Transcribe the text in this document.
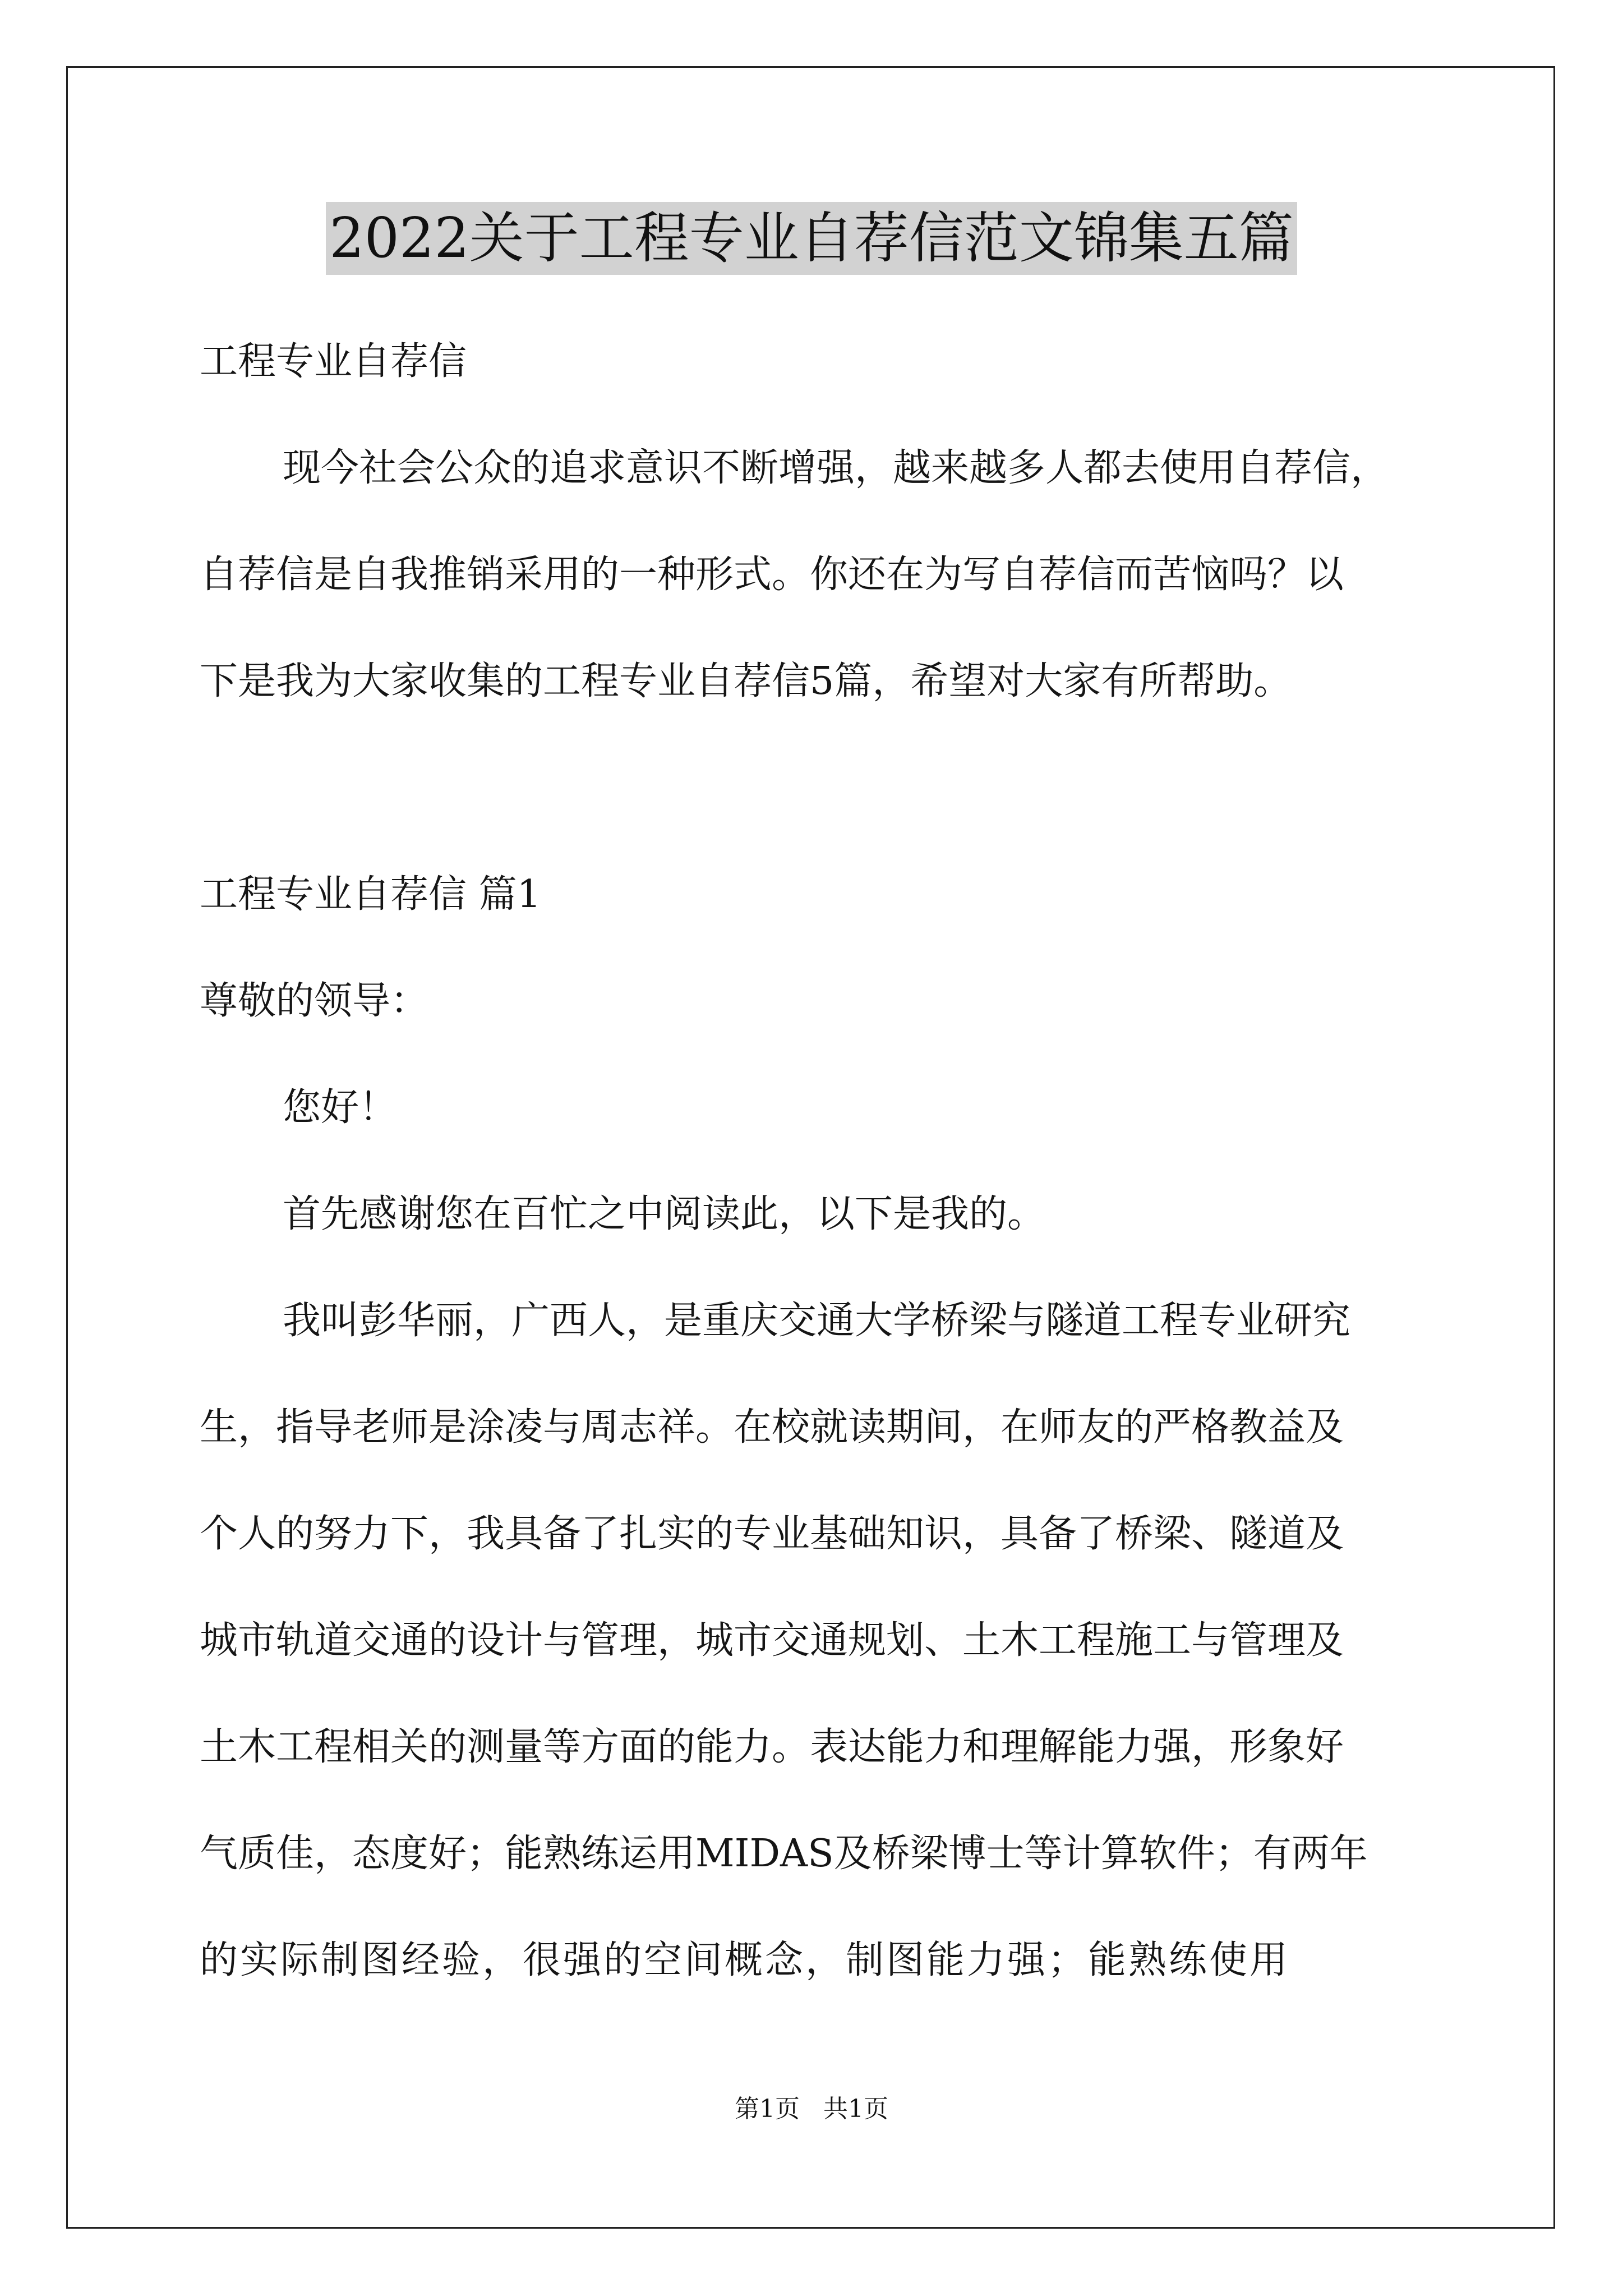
2022关于工程专业自荐信范文锦集五篇
工程专业自荐信
现今社会公众的追求意识不断增强，越来越多人都去使用自荐信，
自荐信是自我推销采用的一种形式。你还在为写自荐信而苦恼吗？以
下是我为大家收集的工程专业自荐信5篇，希望对大家有所帮助。
工程专业自荐信 篇1
尊敬的领导：
您好！
首先感谢您在百忙之中阅读此，以下是我的。
我叫彭华丽，广西人，是重庆交通大学桥梁与隧道工程专业研究
生，指导老师是涂凌与周志祥。在校就读期间，在师友的严格教益及
个人的努力下，我具备了扎实的专业基础知识，具备了桥梁、隧道及
城市轨道交通的设计与管理，城市交通规划、土木工程施工与管理及
土木工程相关的测量等方面的能力。表达能力和理解能力强，形象好
气质佳，态度好；能熟练运用MIDAS及桥梁博士等计算软件；有两年
的实际制图经验，很强的空间概念，制图能力强；能熟练使用
第1页   共1页
